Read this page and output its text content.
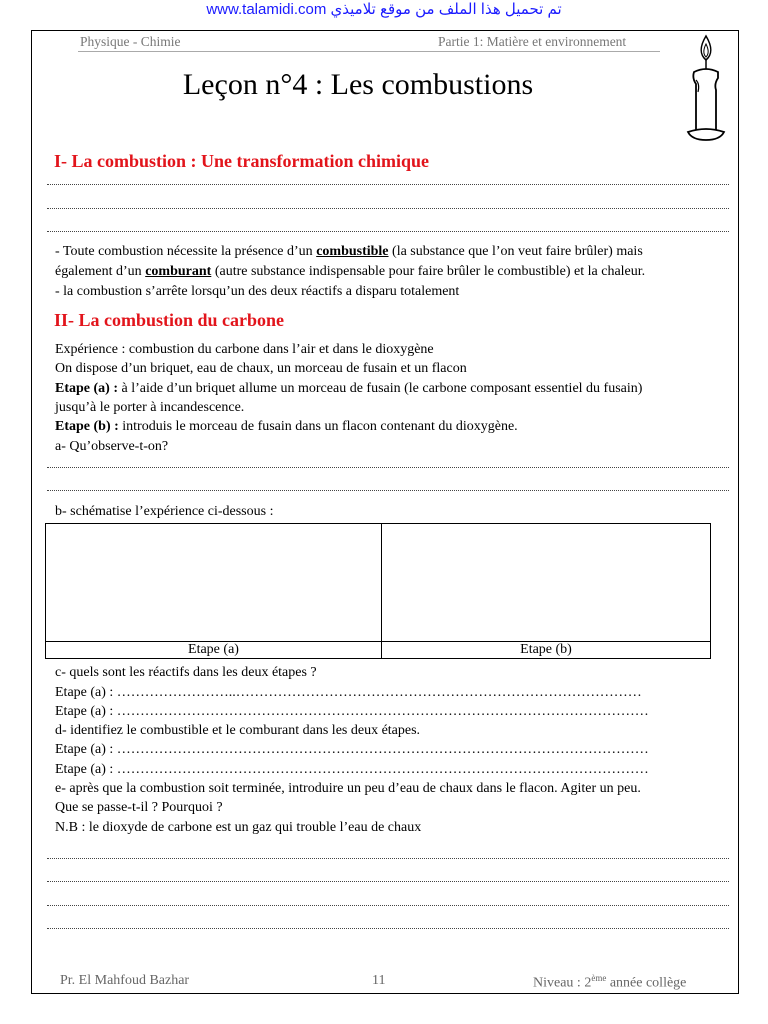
www.talamidi.com تم تحميل هذا الملف من موقع تلاميذي
Physique - Chimie	Partie 1: Matière et environnement
Leçon n°4 : Les combustions
I- La combustion : Une transformation chimique
- Toute combustion nécessite la présence d’un combustible (la substance que l’on veut faire brûler) mais
également d’un comburant (autre substance indispensable pour faire brûler le combustible) et la chaleur.
- la combustion s’arrête lorsqu’un des deux réactifs a disparu totalement
II- La combustion du carbone
Expérience : combustion du carbone dans l’air et dans le dioxygène
On dispose d’un briquet, eau de chaux, un morceau de fusain et un flacon
Etape (a) : à l’aide d’un briquet allume un morceau de fusain (le carbone composant essentiel du fusain)
jusqu’à le porter à incandescence.
Etape (b) : introduis le morceau de fusain dans un flacon contenant du dioxygène.
a- Qu’observe-t-on?
b- schématise l’expérience ci-dessous :
Etape (a)	Etape (b)
c- quels sont les réactifs dans les deux étapes ?
Etape (a) : ……………………..……………………………………………………………………………
Etape (a) : ……………………………………………………………………………………………………
d- identifiez le combustible et le comburant dans les deux étapes.
Etape (a) : ……………………………………………………………………………………………………
Etape (a) : ……………………………………………………………………………………………………
e- après que la combustion soit terminée, introduire un peu d’eau de chaux dans le flacon. Agiter un peu.
Que se passe-t-il ? Pourquoi ?
N.B : le dioxyde de carbone est un gaz qui trouble l’eau de chaux
Pr. El Mahfoud Bazhar	11	Niveau : 2ème année collège
